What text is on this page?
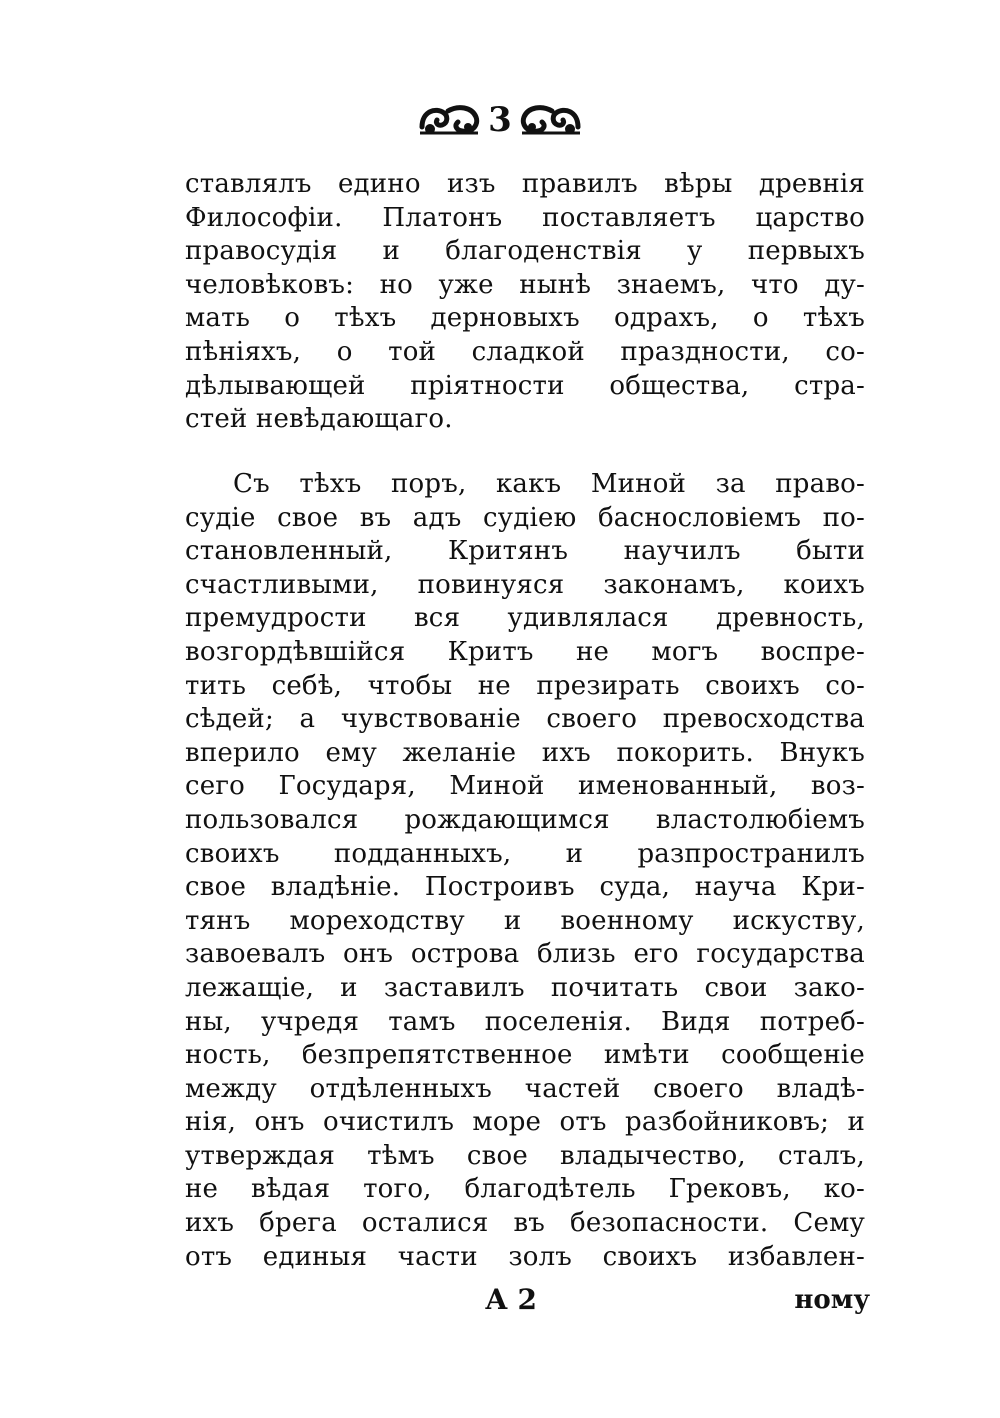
3
ставлялъ едино изъ правилъ вѣры древнія
Философіи. Платонъ поставляетъ царство
правосудія и благоденствія у первыхъ
человѣковъ: но уже нынѣ знаемъ, что ду-
мать о тѣхъ дерновыхъ одрахъ, о тѣхъ
пѣніяхъ, о той сладкой праздности, со-
дѣлывающей пріятности общества, стра-
стей невѣдающаго.
Съ тѣхъ поръ, какъ Миной за право-
судіе свое въ адъ судіею баснословіемъ по-
становленный, Критянъ научилъ быти
счастливыми, повинуяся законамъ, коихъ
премудрости вся удивлялася древность,
возгордѣвшійся Критъ не могъ воспре-
тить себѣ, чтобы не презирать своихъ со-
сѣдей; а чувствованіе своего превосходства
вперило ему желаніе ихъ покорить. Внукъ
сего Государя, Миной именованный, воз-
пользовался рождающимся властолюбіемъ
своихъ подданныхъ, и разпространилъ
свое владѣніе. Построивъ суда, научa Кри-
тянъ мореходству и военному искуству,
завоевалъ онъ острова близь его государства
лежащіе, и заставилъ почитать свои зако-
ны, учредя тамъ поселенія. Видя потреб-
ность, безпрепятственное имѣти сообщеніе
между отдѣленныхъ частей своего владѣ-
нія, онъ очистилъ море отъ разбойниковъ; и
утверждая тѣмъ свое владычество, сталъ,
не вѣдая того, благодѣтель Грековъ, ко-
ихъ брега осталися въ безопасности. Сему
отъ единыя части золъ своихъ избавлен-
А 2	ному
